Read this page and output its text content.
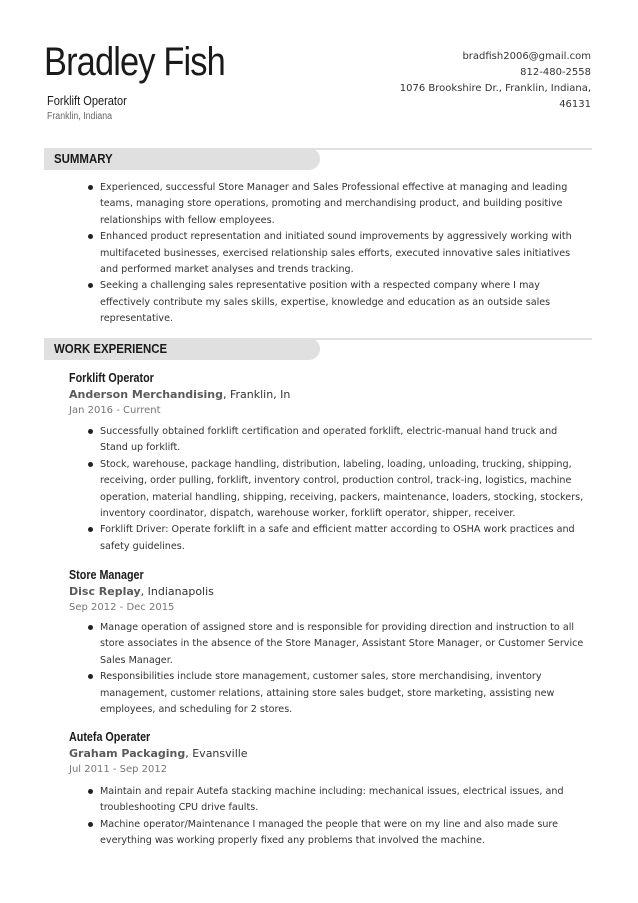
Bradley Fish
Forklift Operator
Franklin, Indiana
bradfish2006@gmail.com
812-480-2558
1076 Brookshire Dr., Franklin, Indiana,
46131
SUMMARY
Experienced, successful Store Manager and Sales Professional effective at managing and leading teams, managing store operations, promoting and merchandising product, and building positive relationships with fellow employees.
Enhanced product representation and initiated sound improvements by aggressively working with multifaceted businesses, exercised relationship sales efforts, executed innovative sales initiatives and performed market analyses and trends tracking.
Seeking a challenging sales representative position with a respected company where I may effectively contribute my sales skills, expertise, knowledge and education as an outside sales representative.
WORK EXPERIENCE
Forklift Operator
Anderson Merchandising, Franklin, In
Jan 2016 - Current
Successfully obtained forklift certification and operated forklift, electric-manual hand truck and Stand up forklift.
Stock, warehouse, package handling, distribution, labeling, loading, unloading, trucking, shipping, receiving, order pulling, forklift, inventory control, production control, track-ing, logistics, machine operation, material handling, shipping, receiving, packers, maintenance, loaders, stocking, stockers, inventory coordinator, dispatch, warehouse worker, forklift operator, shipper, receiver.
Forklift Driver: Operate forklift in a safe and efficient matter according to OSHA work practices and safety guidelines.
Store Manager
Disc Replay, Indianapolis
Sep 2012 - Dec 2015
Manage operation of assigned store and is responsible for providing direction and instruction to all store associates in the absence of the Store Manager, Assistant Store Manager, or Customer Service Sales Manager.
Responsibilities include store management, customer sales, store merchandising, inventory management, customer relations, attaining store sales budget, store marketing, assisting new employees, and scheduling for 2 stores.
Autefa Operater
Graham Packaging, Evansville
Jul 2011 - Sep 2012
Maintain and repair Autefa stacking machine including: mechanical issues, electrical issues, and troubleshooting CPU drive faults.
Machine operator/Maintenance I managed the people that were on my line and also made sure everything was working properly fixed any problems that involved the machine.
